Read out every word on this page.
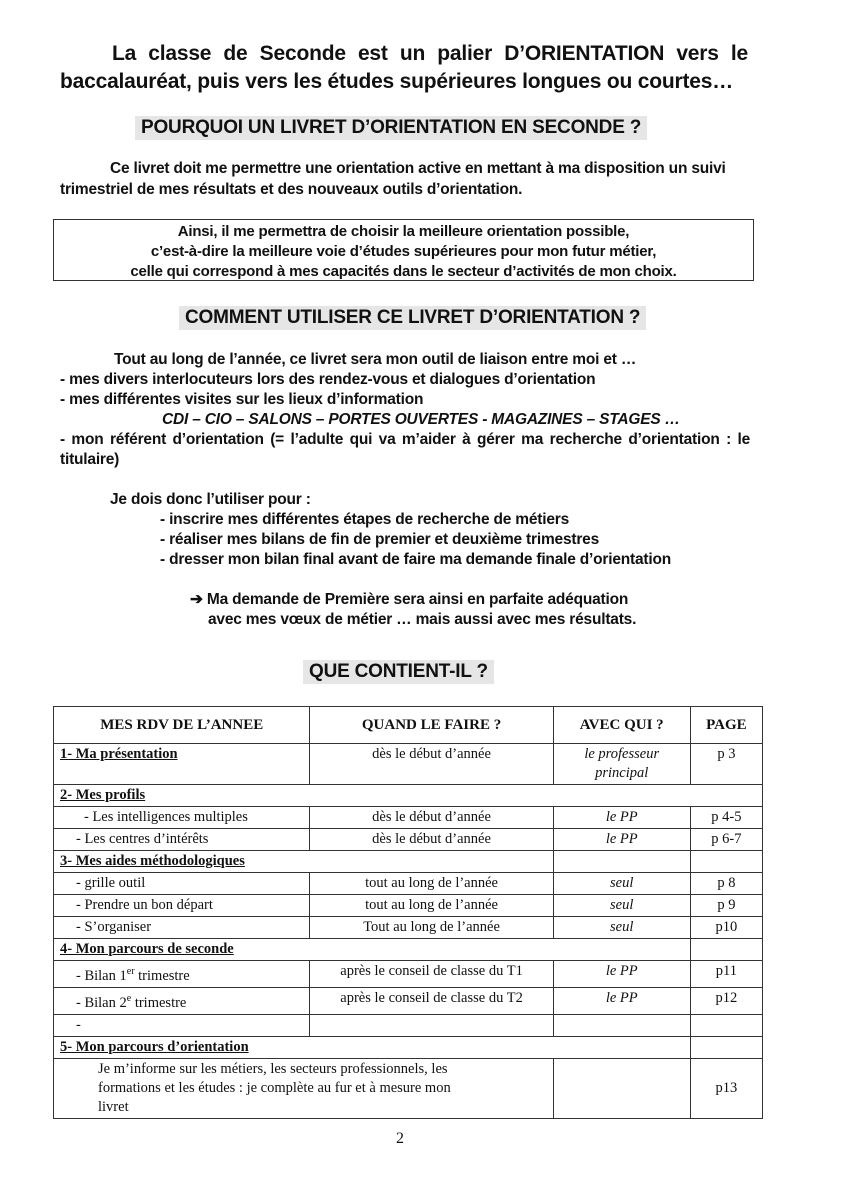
La classe de Seconde est un palier D’ORIENTATION vers le
baccalauréat, puis vers les études supérieures longues ou courtes…
POURQUOI UN LIVRET D’ORIENTATION EN SECONDE ?
Ce livret doit me permettre une orientation active en mettant à ma disposition un suivi
trimestriel de mes résultats et des nouveaux outils d’orientation.
Ainsi, il me permettra de choisir la meilleure orientation possible,
c’est-à-dire la meilleure voie d’études supérieures pour mon futur métier,
celle qui correspond à mes capacités dans le secteur d’activités de mon choix.
COMMENT UTILISER CE LIVRET D’ORIENTATION ?
Tout au long de l’année, ce livret sera mon outil de liaison entre moi et …
- mes divers interlocuteurs lors des rendez-vous et dialogues d’orientation
- mes différentes visites sur les lieux d’information
CDI – CIO – SALONS – PORTES OUVERTES - MAGAZINES – STAGES …
- mon référent d’orientation (= l’adulte qui va m’aider à gérer ma recherche d’orientation : le
titulaire)
Je dois donc l’utiliser pour :
- inscrire mes différentes étapes de recherche de métiers
- réaliser mes bilans de fin de premier et deuxième trimestres
- dresser mon bilan final avant de faire ma demande finale d’orientation
➔ Ma demande de Première sera ainsi en parfaite adéquation
avec mes vœux de métier … mais aussi avec mes résultats.
QUE CONTIENT-IL ?
MES RDV DE L’ANNEE	QUAND LE FAIRE ?	AVEC QUI ?	PAGE
1- Ma présentation	dès le début d’année	le professeur
principal	p 3
2- Mes profils			
- Les intelligences multiples	dès le début d’année	le PP	p 4-5
- Les centres d’intérêts	dès le début d’année	le PP	p 6-7
3- Mes aides méthodologiques			
- grille outil	tout au long de l’année	seul	p 8
- Prendre un bon départ	tout au long de l’année	seul	p 9
- S’organiser	Tout au long de l’année	seul	p10
4- Mon parcours de seconde			
- Bilan 1er trimestre	après le conseil de classe du T1	le PP	p11
- Bilan 2e trimestre	après le conseil de classe du T2	le PP	p12
-			
5- Mon parcours d’orientation			

Je m’informe sur les métiers, les secteurs professionnels, les
formations et les études : je complète au fur et à mesure mon
livret			p13
2
